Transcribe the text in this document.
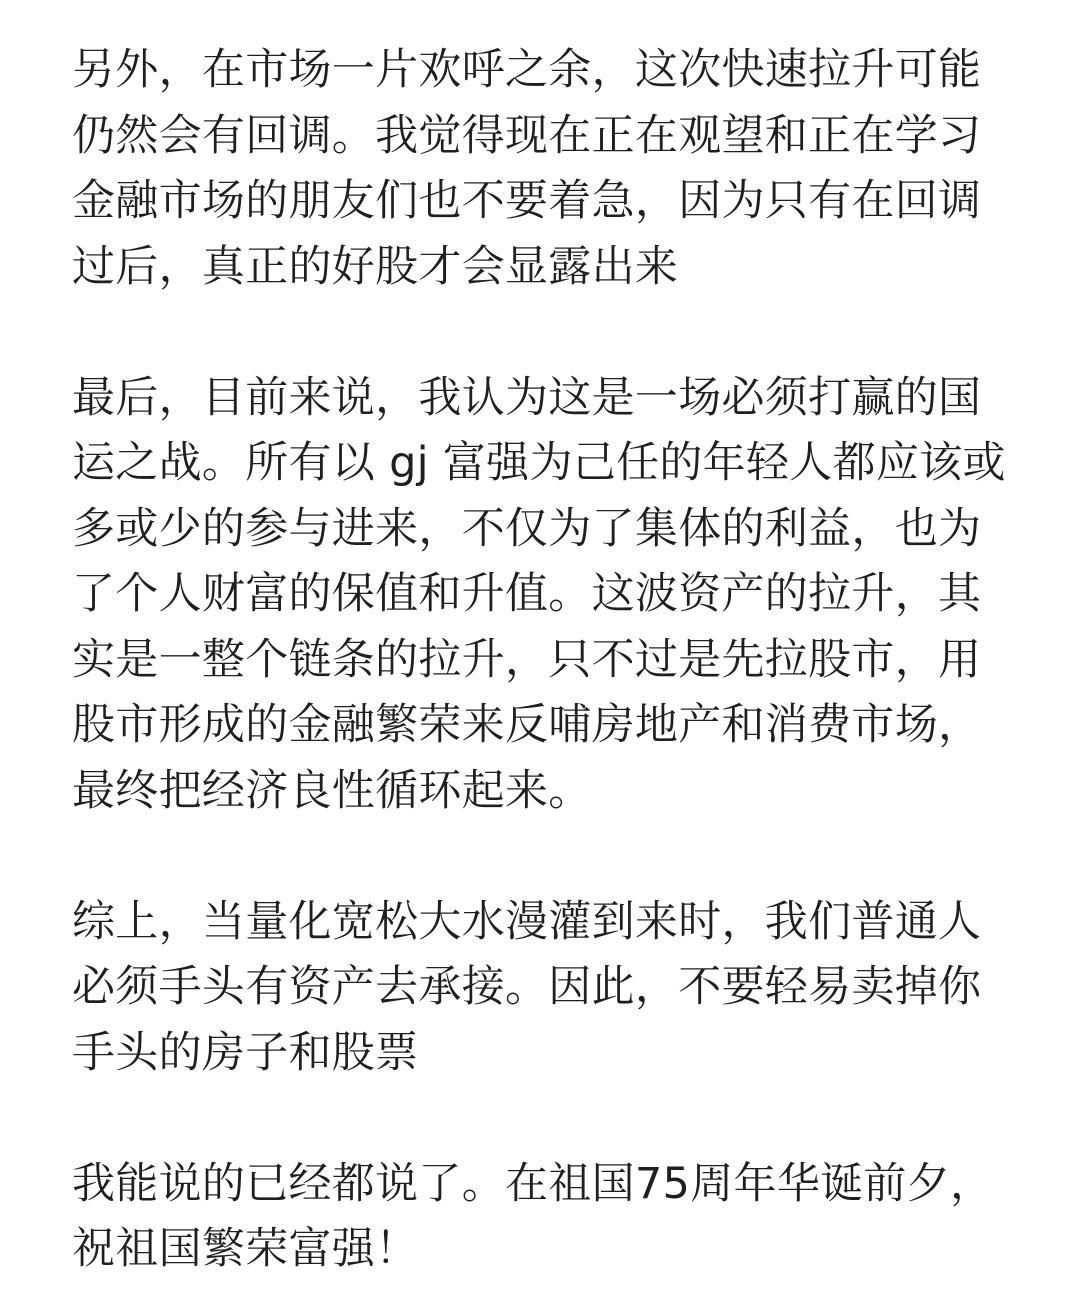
另外，在市场一片欢呼之余，这次快速拉升可能
仍然会有回调。我觉得现在正在观望和正在学习
金融市场的朋友们也不要着急，因为只有在回调
过后，真正的好股才会显露出来
最后，目前来说，我认为这是一场必须打赢的国
运之战。所有以 gj 富强为己任的年轻人都应该或
多或少的参与进来，不仅为了集体的利益，也为
了个人财富的保值和升值。这波资产的拉升，其
实是一整个链条的拉升，只不过是先拉股市，用
股市形成的金融繁荣来反哺房地产和消费市场，
最终把经济良性循环起来。
综上，当量化宽松大水漫灌到来时，我们普通人
必须手头有资产去承接。因此，不要轻易卖掉你
手头的房子和股票
我能说的已经都说了。在祖国75周年华诞前夕，
祝祖国繁荣富强！
